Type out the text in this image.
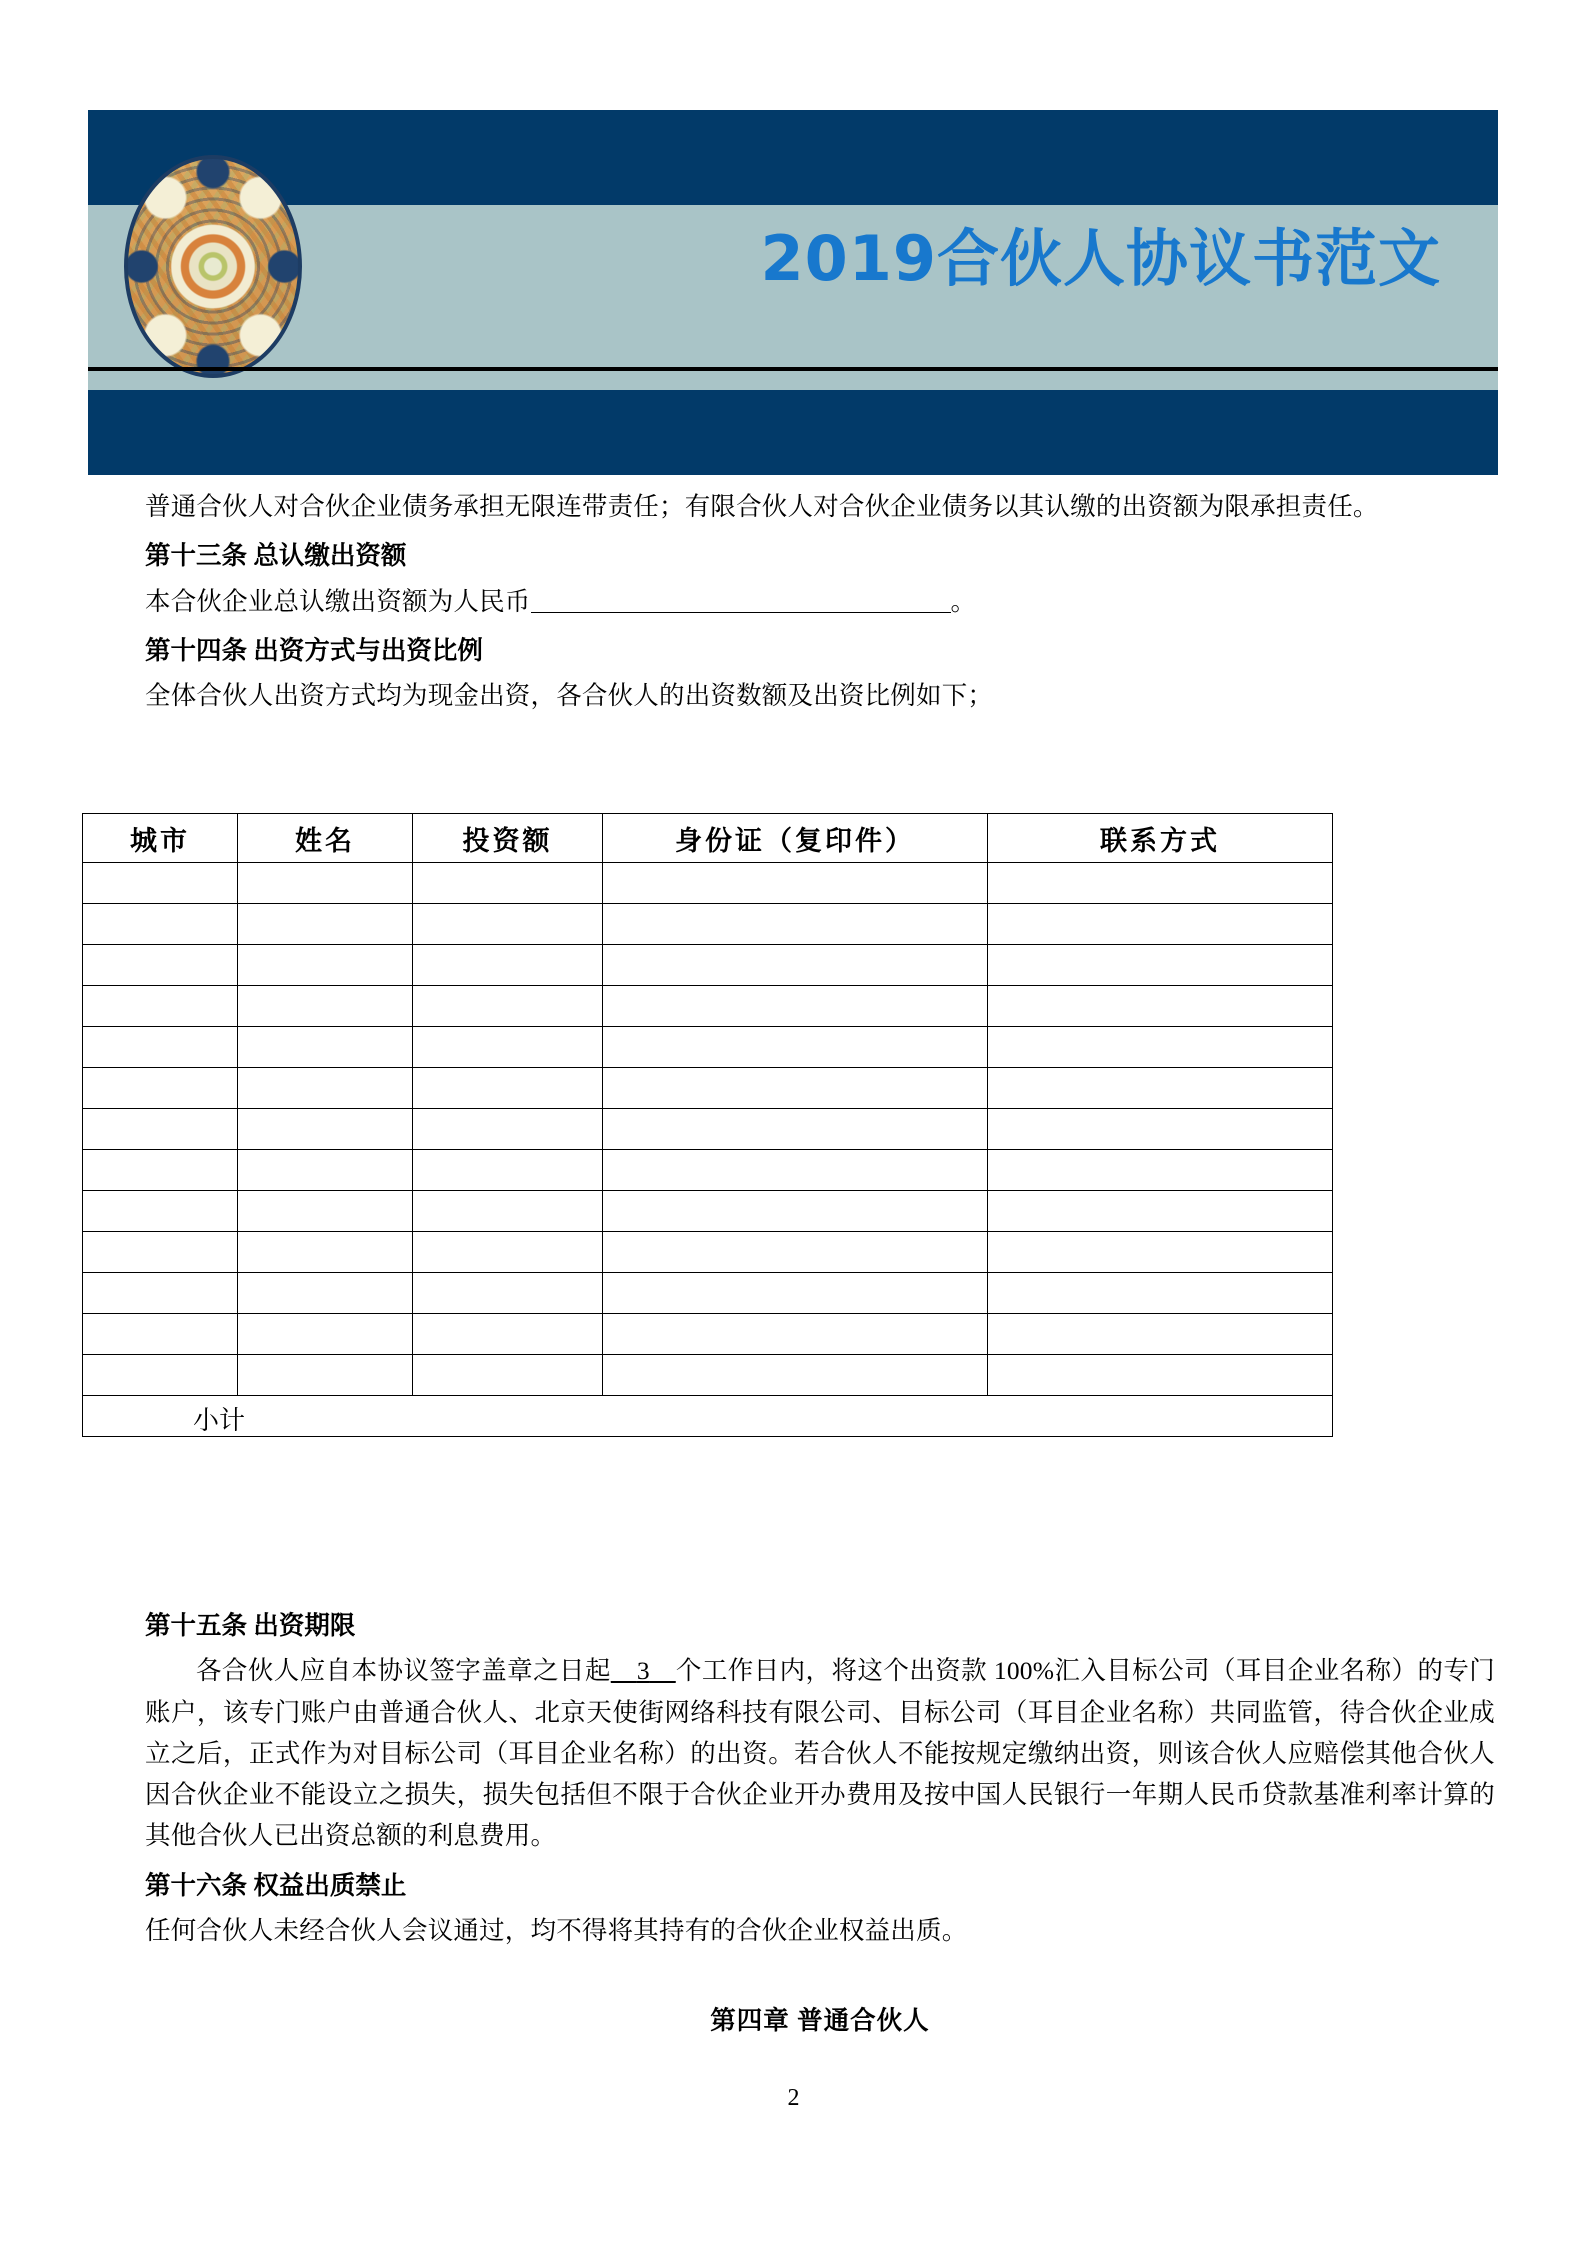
2019合伙人协议书范文

普通合伙人对合伙企业债务承担无限连带责任；有限合伙人对合伙企业债务以其认缴的出资额为限承担责任。

第十三条 总认缴出资额

本合伙企业总认缴出资额为人民币	。

第十四条 出资方式与出资比例

全体合伙人出资方式均为现金出资，各合伙人的出资数额及出资比例如下；

城市	姓名	投资额	身份证（复印件）	联系方式

小计				

第十五条 出资期限

各合伙人应自本协议签字盖章之日起__3__个工作日内，将这个出资款 100%汇入目标公司（耳目企业名称）的专门账户，该专门账户由普通合伙人、北京天使街网络科技有限公司、目标公司（耳目企业名称）共同监管，待合伙企业成立之后，正式作为对目标公司（耳目企业名称）的出资。若合伙人不能按规定缴纳出资，则该合伙人应赔偿其他合伙人因合伙企业不能设立之损失，损失包括但不限于合伙企业开办费用及按中国人民银行一年期人民币贷款基准利率计算的其他合伙人已出资总额的利息费用。

第十六条 权益出质禁止

任何合伙人未经合伙人会议通过，均不得将其持有的合伙企业权益出质。

第四章 普通合伙人

2
